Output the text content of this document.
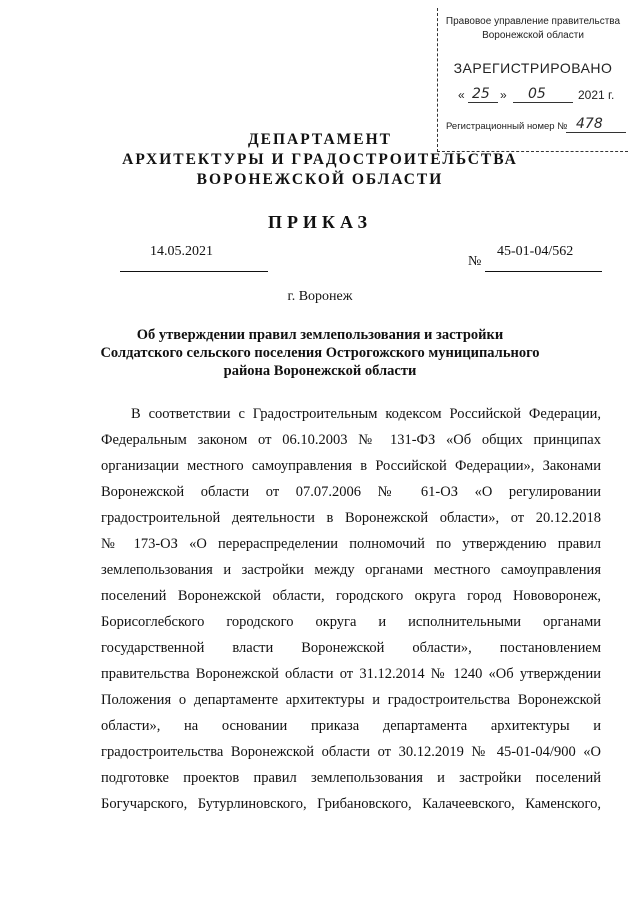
Правовое управление правительства
Воронежской области
ЗАРЕГИСТРИРОВАНО
« 25 » 05	2021 г.
Регистрационный номер № 478
ДЕПАРТАМЕНТ
АРХИТЕКТУРЫ И ГРАДОСТРОИТЕЛЬСТВА
ВОРОНЕЖСКОЙ ОБЛАСТИ
ПРИКАЗ
14.05.2021
№
45-01-04/562
г. Воронеж
Об утверждении правил землепользования и застройки
Солдатского сельского поселения Острогожского муниципального
района Воронежской области
В соответствии с Градостроительным кодексом Российской Федерации,
Федеральным законом от 06.10.2003 № 131-ФЗ «Об общих принципах
организации местного самоуправления в Российской Федерации», Законами
Воронежской области от 07.07.2006 № 61-ОЗ «О регулировании
градостроительной деятельности в Воронежской области», от 20.12.2018
№ 173-ОЗ «О перераспределении полномочий по утверждению правил
землепользования и застройки между органами местного самоуправления
поселений Воронежской области, городского округа город Нововоронеж,
Борисоглебского городского округа и исполнительными органами
государственной власти Воронежской области», постановлением
правительства Воронежской области от 31.12.2014 № 1240 «Об утверждении
Положения о департаменте архитектуры и градостроительства Воронежской
области», на основании приказа департамента архитектуры и
градостроительства Воронежской области от 30.12.2019 № 45-01-04/900 «О
подготовке проектов правил землепользования и застройки поселений
Богучарского, Бутурлиновского, Грибановского, Калачеевского, Каменского,
